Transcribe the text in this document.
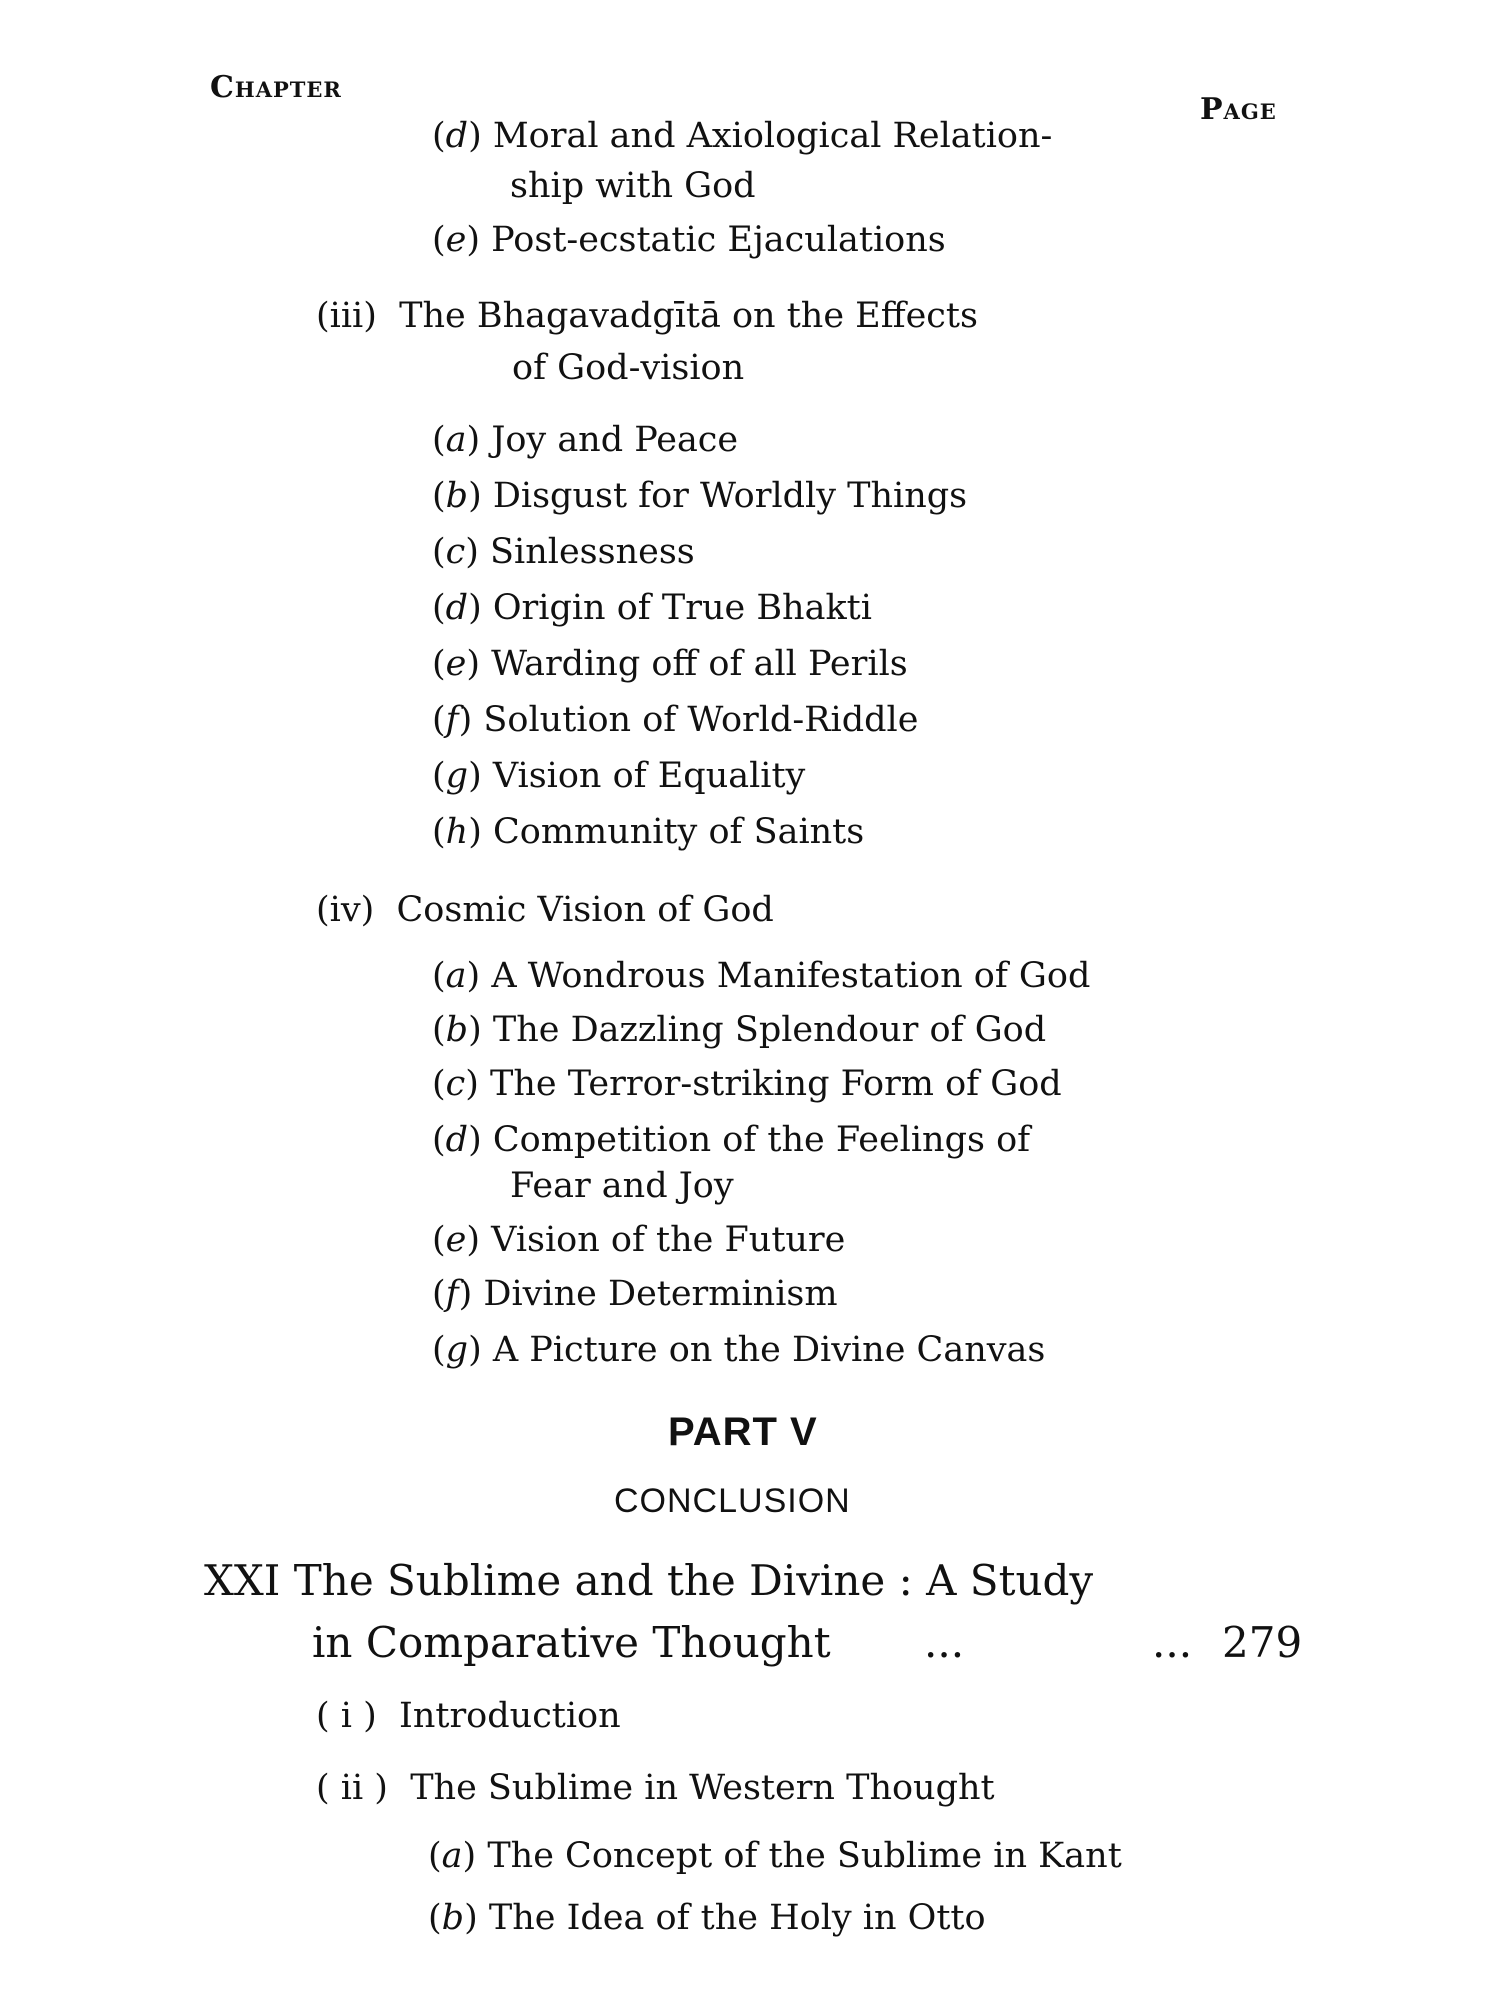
Chapter
Page
(d) Moral and Axiological Relation-
ship with God
(e) Post-ecstatic Ejaculations
(iii)  The Bhagavadgītā on the Effects
of God-vision
(a) Joy and Peace
(b) Disgust for Worldly Things
(c) Sinlessness
(d) Origin of True Bhakti
(e) Warding off of all Perils
(f) Solution of World-Riddle
(g) Vision of Equality
(h) Community of Saints
(iv)  Cosmic Vision of God
(a) A Wondrous Manifestation of God
(b) The Dazzling Splendour of God
(c) The Terror-striking Form of God
(d) Competition of the Feelings of
Fear and Joy
(e) Vision of the Future
(f) Divine Determinism
(g) A Picture on the Divine Canvas
PART V
CONCLUSION
XXI The Sublime and the Divine : A Study
in Comparative Thought ...	... 279
( i )  Introduction
( ii )  The Sublime in Western Thought
(a) The Concept of the Sublime in Kant
(b) The Idea of the Holy in Otto
